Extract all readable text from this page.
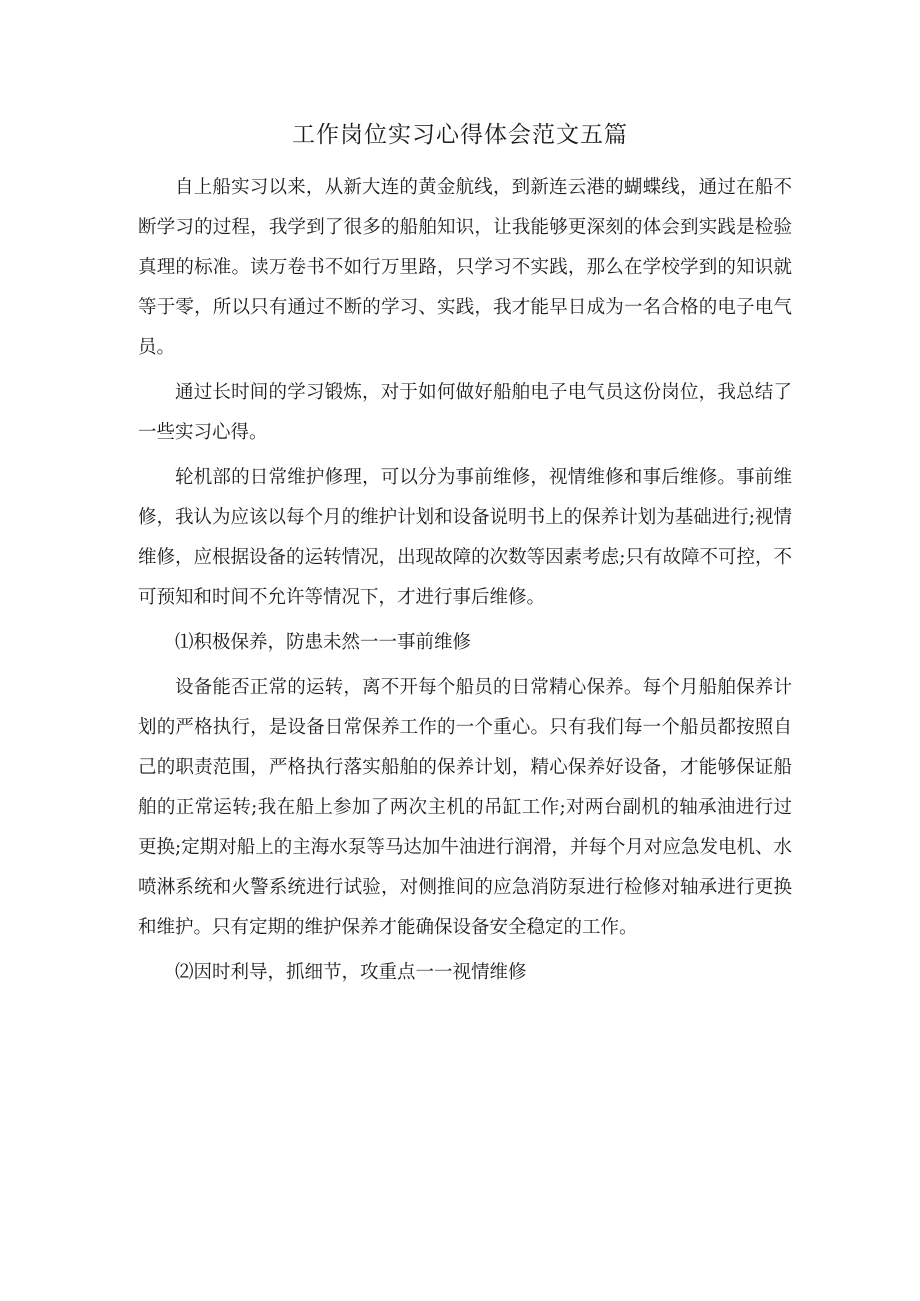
工作岗位实习心得体会范文五篇

自上船实习以来，从新大连的黄金航线，到新连云港的蝴蝶线，通过在船不断学习的过程，我学到了很多的船舶知识，让我能够更深刻的体会到实践是检验真理的标准。读万卷书不如行万里路，只学习不实践，那么在学校学到的知识就等于零，所以只有通过不断的学习、实践，我才能早日成为一名合格的电子电气员。

通过长时间的学习锻炼，对于如何做好船舶电子电气员这份岗位，我总结了一些实习心得。

轮机部的日常维护修理，可以分为事前维修，视情维修和事后维修。事前维修，我认为应该以每个月的维护计划和设备说明书上的保养计划为基础进行;视情维修，应根据设备的运转情况，出现故障的次数等因素考虑;只有故障不可控，不可预知和时间不允许等情况下，才进行事后维修。

⑴积极保养，防患未然一一事前维修

设备能否正常的运转，离不开每个船员的日常精心保养。每个月船舶保养计划的严格执行，是设备日常保养工作的一个重心。只有我们每一个船员都按照自己的职责范围，严格执行落实船舶的保养计划，精心保养好设备，才能够保证船舶的正常运转;我在船上参加了两次主机的吊缸工作;对两台副机的轴承油进行过更换;定期对船上的主海水泵等马达加牛油进行润滑，并每个月对应急发电机、水喷淋系统和火警系统进行试验，对侧推间的应急消防泵进行检修对轴承进行更换和维护。只有定期的维护保养才能确保设备安全稳定的工作。

⑵因时利导，抓细节，攻重点一一视情维修
